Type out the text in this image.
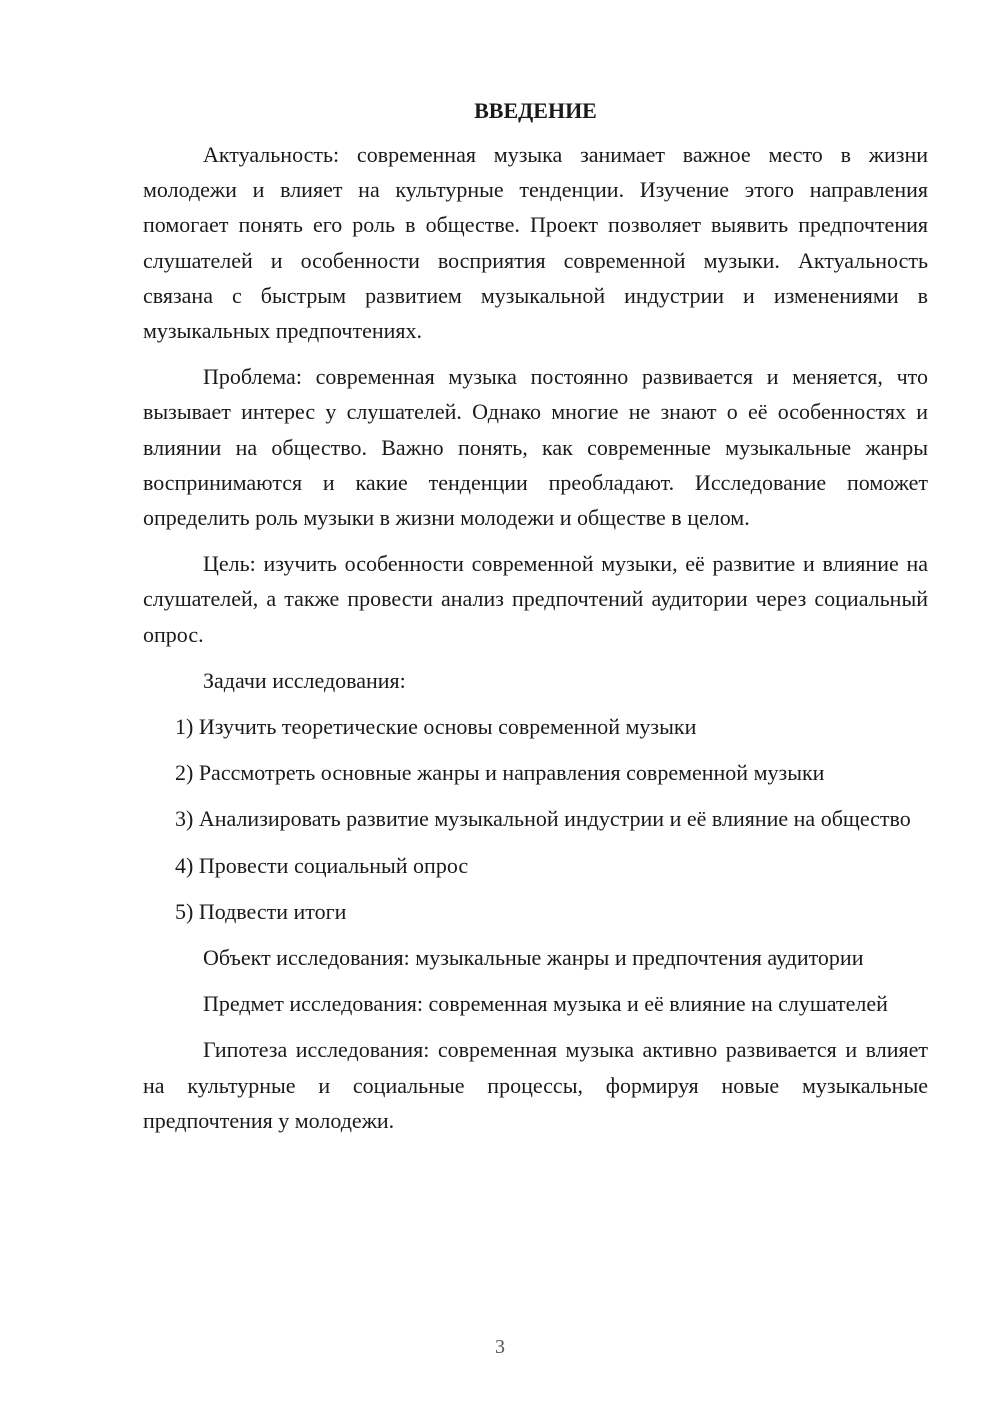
ВВЕДЕНИЕ

Актуальность: современная музыка занимает важное место в жизни молодежи и влияет на культурные тенденции. Изучение этого направления помогает понять его роль в обществе. Проект позволяет выявить предпочтения слушателей и особенности восприятия современной музыки. Актуальность связана с быстрым развитием музыкальной индустрии и изменениями в музыкальных предпочтениях.

Проблема: современная музыка постоянно развивается и меняется, что вызывает интерес у слушателей. Однако многие не знают о её особенностях и влиянии на общество. Важно понять, как современные музыкальные жанры воспринимаются и какие тенденции преобладают. Исследование поможет определить роль музыки в жизни молодежи и обществе в целом.

Цель: изучить особенности современной музыки, её развитие и влияние на слушателей, а также провести анализ предпочтений аудитории через социальный опрос.

Задачи исследования:

1) Изучить теоретические основы современной музыки

2) Рассмотреть основные жанры и направления современной музыки

3) Анализировать развитие музыкальной индустрии и её влияние на общество

4) Провести социальный опрос

5) Подвести итоги

Объект исследования: музыкальные жанры и предпочтения аудитории

Предмет исследования: современная музыка и её влияние на слушателей

Гипотеза исследования: современная музыка активно развивается и влияет на культурные и социальные процессы, формируя новые музыкальные предпочтения у молодежи.

3
